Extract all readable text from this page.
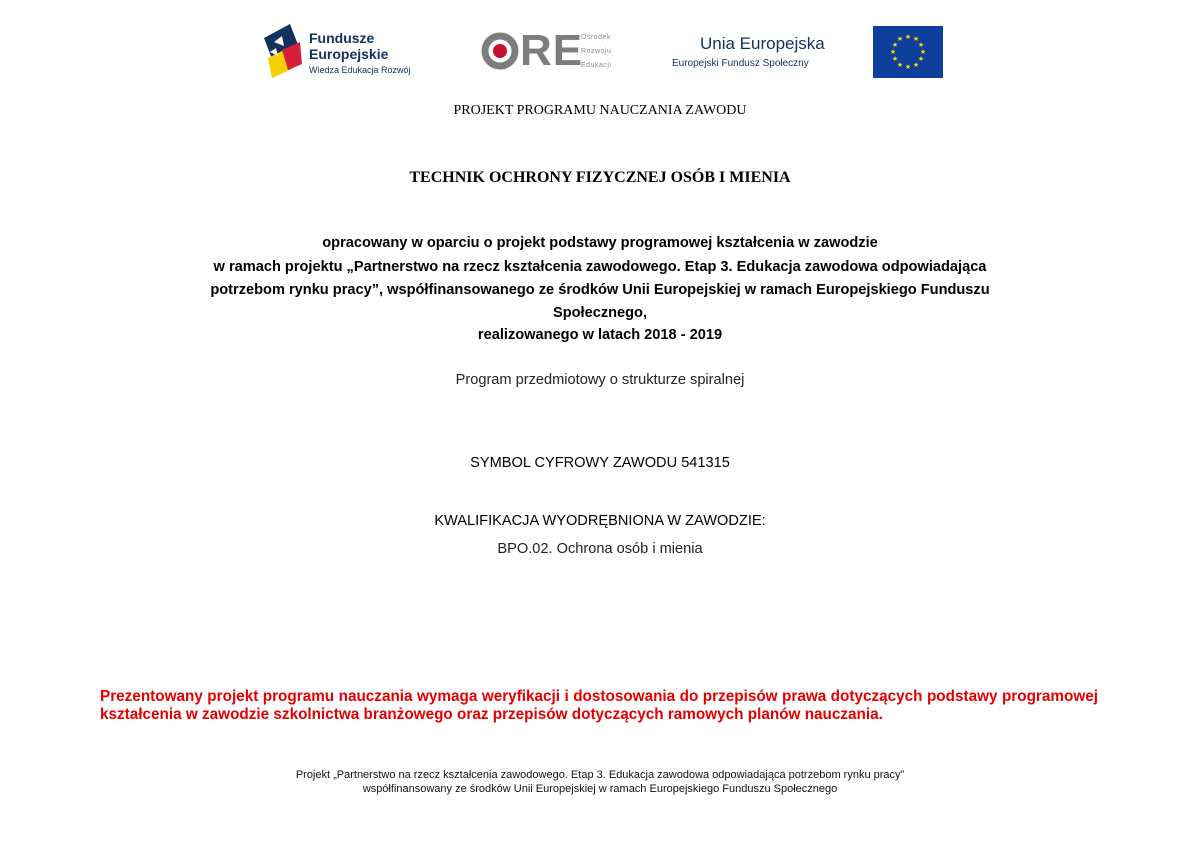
Fundusze
Europejskie
Wiedza Edukacja Rozwój RE
Ośrodek
Rozwoju
Edukacji
Unia Europejska
Europejski Fundusz Społeczny
★ ★
★
★
★
★
★
★
★
★
★
★
PROJEKT PROGRAMU NAUCZANIA ZAWODU
TECHNIK OCHRONY FIZYCZNEJ OSÓB I MIENIA
opracowany w oparciu o projekt podstawy programowej kształcenia w zawodzie
w ramach projektu „Partnerstwo na rzecz kształcenia zawodowego. Etap 3. Edukacja zawodowa odpowiadająca
potrzebom rynku pracy”, współfinansowanego ze środków Unii Europejskiej w ramach Europejskiego Funduszu
Społecznego,
realizowanego w latach 2018 - 2019
Program przedmiotowy o strukturze spiralnej
SYMBOL CYFROWY ZAWODU 541315
KWALIFIKACJA WYODRĘBNIONA W ZAWODZIE:
BPO.02. Ochrona osób i mienia

Prezentowany projekt programu nauczania wymaga weryfikacji i dostosowania do przepisów prawa dotyczących podstawy programowej kształcenia w zawodzie szkolnictwa branżowego oraz przepisów dotyczących ramowych planów nauczania.

Projekt „Partnerstwo na rzecz kształcenia zawodowego. Etap 3. Edukacja zawodowa odpowiadająca potrzebom rynku pracy”
współfinansowany ze środków Unii Europejskiej w ramach Europejskiego Funduszu Społecznego
